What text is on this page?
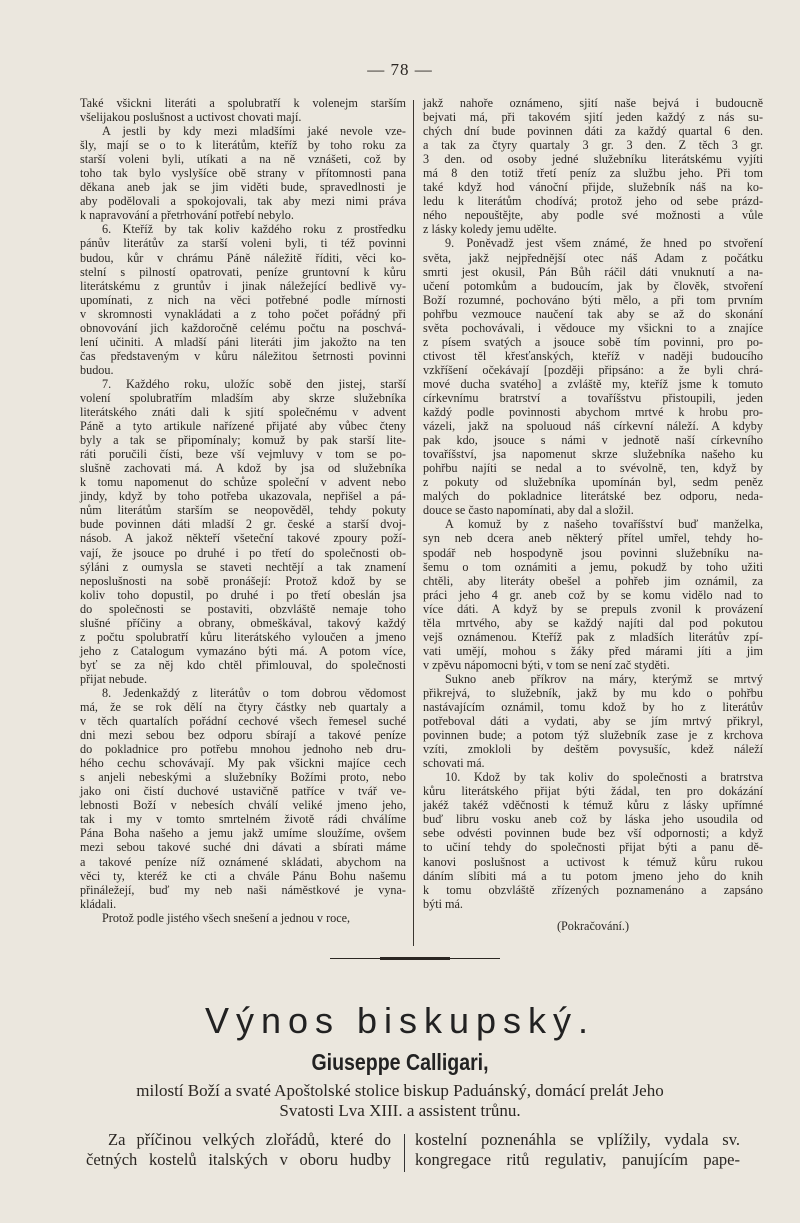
— 78 —
Také všickni literáti a spolubratří k volenejm starším
všelijakou poslušnost a uctivost chovati mají.
A jestli by kdy mezi mladšími jaké nevole vze-
šly, mají se o to k literátům, kteříž by toho roku za
starší voleni byli, utíkati a na ně vznášeti, což by
toho tak bylo vyslyšíce obě strany v přítomnosti pana
děkana aneb jak se jim viděti bude, spravedlnosti je
aby podělovali a spokojovali, tak aby mezi nimi práva
k napravování a přetrhování potřebí nebylo.
6. Kteříž by tak koliv každého roku z prostředku
pánův literátův za starší voleni byli, ti též povinni
budou, kůr v chrámu Páně náležitě říditi, věci ko-
stelní s pilností opatrovati, peníze gruntovní k kůru
literátskému z gruntův i jinak náležející bedlivě vy-
upomínati, z nich na věci potřebné podle mírnosti
v skromnosti vynakládati a z toho počet pořádný při
obnovování jich každoročně celému počtu na poschvá-
lení učiniti. A mladší páni literáti jim jakožto na ten
čas představeným v kůru náležitou šetrnosti povinni
budou.
7. Každého roku, uložíc sobě den jistej, starší
volení spolubratřím mladším aby skrze služebníka
literátského znáti dali k sjití společnému v advent
Páně a tyto artikule nařízené přijaté aby vůbec čteny
byly a tak se připomínaly; komuž by pak starší lite-
ráti poručili čísti, beze vší vejmluvy v tom se po-
slušně zachovati má. A kdož by jsa od služebníka
k tomu napomenut do schůze společní v advent nebo
jindy, když by toho potřeba ukazovala, nepřišel a pá-
nům literátům starším se neopověděl, tehdy pokuty
bude povinnen dáti mladší 2 gr. české a starší dvoj-
násob. A jakož někteří všeteční takové zpoury poží-
vají, že jsouce po druhé i po třetí do společnosti ob-
sýláni z oumysla se staveti nechtějí a tak znamení
neposlušnosti na sobě pronášejí: Protož kdož by se
koliv toho dopustil, po druhé i po třetí obeslán jsa
do společnosti se postaviti, obzvláště nemaje toho
slušné příčiny a obrany, obmeškával, takový každý
z počtu spolubratří kůru literátského vyloučen a jmeno
jeho z Catalogum vymazáno býti má. A potom více,
byť se za něj kdo chtěl přimlouval, do společnosti
přijat nebude.
8. Jedenkaždý z literátův o tom dobrou vědomost
má, že se rok dělí na čtyry částky neb quartaly a
v těch quartalích pořádní cechové všech řemesel suché
dni mezi sebou bez odporu sbírají a takové peníze
do pokladnice pro potřebu mnohou jednoho neb dru-
hého cechu schovávají. My pak všickni majíce cech
s anjeli nebeskými a služebníky Božími proto, nebo
jako oni čistí duchové ustavičně patříce v tvář ve-
lebnosti Boží v nebesích chválí veliké jmeno jeho,
tak i my v tomto smrtelném životě rádi chválíme
Pána Boha našeho a jemu jakž umíme sloužíme, ovšem
mezi sebou takové suché dni dávati a sbírati máme
a takové peníze níž oznámené skládati, abychom na
věci ty, kteréž ke cti a chvále Pánu Bohu našemu
přináležejí, buď my neb naši náměstkové je vyna-
kládali.
Protož podle jistého všech snešení a jednou v roce,
jakž nahoře oznámeno, sjití naše bejvá i budoucně
bejvati má, při takovém sjití jeden každý z nás su-
chých dní bude povinnen dáti za každý quartal 6 den.
a tak za čtyry quartaly 3 gr. 3 den. Z těch 3 gr.
3 den. od osoby jedné služebníku literátskému vyjíti
má 8 den totiž třetí peníz za službu jeho. Při tom
také když hod vánoční přijde, služebník náš na ko-
ledu k literátům chodívá; protož jeho od sebe prázd-
ného nepouštějte, aby podle své možnosti a vůle
z lásky koledy jemu udělte.
9. Poněvadž jest všem známé, že hned po stvoření
světa, jakž nejpřednější otec náš Adam z počátku
smrti jest okusil, Pán Bůh ráčil dáti vnuknutí a na-
učení potomkům a budoucím, jak by člověk, stvoření
Boží rozumné, pochováno býti mělo, a při tom prvním
pohřbu vezmouce naučení tak aby se až do skonání
světa pochovávali, i vědouce my všickni to a znajíce
z písem svatých a jsouce sobě tím povinni, pro po-
ctivost těl křesťanských, kteříž v naději budoucího
vzkříšení očekávají [později připsáno: a že byli chrá-
mové ducha svatého] a zvláště my, kteříž jsme k tomuto
církevnímu bratrství a tovaříšstvu přistoupili, jeden
každý podle povinnosti abychom mrtvé k hrobu pro-
vázeli, jakž na spoluoud náš církevní náleží. A kdyby
pak kdo, jsouce s námi v jednotě naší církevního
tovaříšství, jsa napomenut skrze služebníka našeho ku
pohřbu najíti se nedal a to svévolně, ten, když by
z pokuty od služebníka upomínán byl, sedm peněz
malých do pokladnice literátské bez odporu, neda-
douce se často napomínati, aby dal a složil.
A komuž by z našeho tovaříšství buď manželka,
syn neb dcera aneb některý přítel umřel, tehdy ho-
spodář neb hospodyně jsou povinni služebníku na-
šemu o tom oznámiti a jemu, pokudž by toho užiti
chtěli, aby literáty obešel a pohřeb jim oznámil, za
práci jeho 4 gr. aneb což by se komu vidělo nad to
více dáti. A když by se prepuls zvonil k provázení
těla mrtvého, aby se každý najíti dal pod pokutou
vejš oznámenou. Kteříž pak z mladších literátův zpí-
vati umějí, mohou s žáky před márami jíti a jim
v zpěvu nápomocni býti, v tom se není zač styděti.
Sukno aneb příkrov na máry, kterýmž se mrtvý
přikrejvá, to služebník, jakž by mu kdo o pohřbu
nastávajícím oznámil, tomu kdož by ho z literátův
potřeboval dáti a vydati, aby se jím mrtvý přikryl,
povinnen bude; a potom týž služebník zase je z krchova
vzíti, zmokloli by deštěm povysušíc, kdež náleží
schovati má.
10. Kdož by tak koliv do společnosti a bratrstva
kůru literátského přijat býti žádal, ten pro dokázání
jakéž takéž vděčnosti k témuž kůru z lásky upřímné
buď libru vosku aneb což by láska jeho usoudila od
sebe odvésti povinnen bude bez vší odpornosti; a když
to učiní tehdy do společnosti přijat býti a panu dě-
kanovi poslušnost a uctivost k témuž kůru rukou
dáním slíbiti má a tu potom jmeno jeho do knih
k tomu obzvláště zřízených poznamenáno a zapsáno
býti má.
(Pokračování.)
Výnos biskupský.
Giuseppe Calligari,
milostí Boží a svaté Apoštolské stolice biskup Paduánský, domácí prelát Jeho
Svatosti Lva XIII. a assistent trůnu.
Za příčinou velkých zlořádů, které do
četných kostelů italských v oboru hudby
kostelní poznenáhla se vplížily, vydala sv.
kongregace ritů regulativ, panujícím pape-
